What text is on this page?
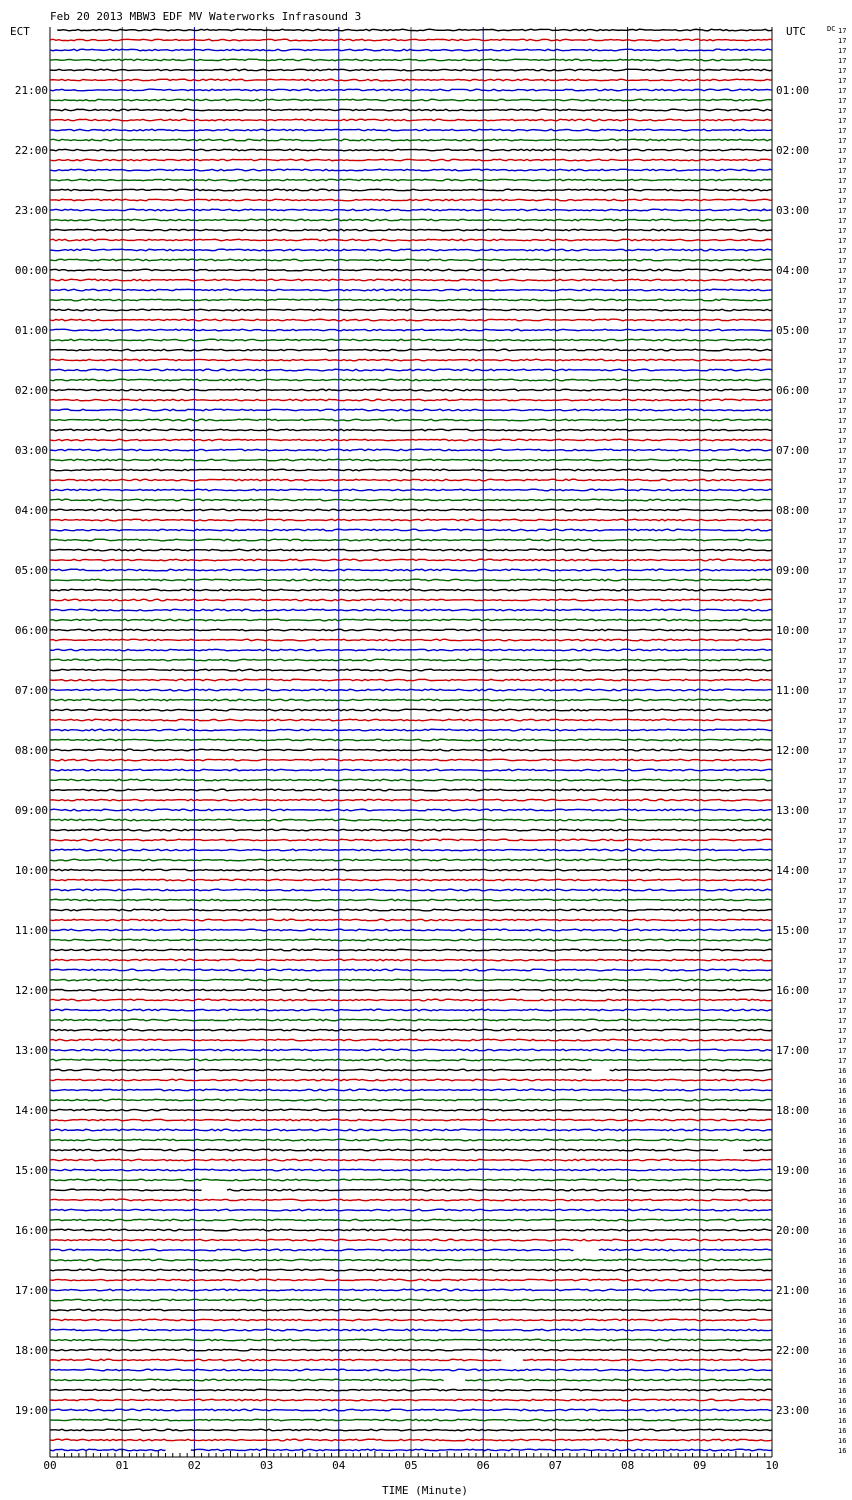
Feb 20 2013 MBW3 EDF MV Waterworks Infrasound 3
ECT	UTC	DC
21:00
22:00
23:00
00:00
01:00
02:00
03:00
04:00
05:00
06:00
07:00
08:00
09:00
10:00
11:00
12:00
13:00
14:00
15:00
16:00
17:00
18:00
19:00
01:00
02:00
03:00
04:00
05:00
06:00
07:00
08:00
09:00
10:00
11:00
12:00
13:00
14:00
15:00
16:00
17:00
18:00
19:00
20:00
21:00
22:00
23:00
17
17
17
17
17
17
17
17
17
17
17
17
17
17
17
17
17
17
17
17
17
17
17
17
17
17
17
17
17
17
17
17
17
17
17
17
17
17
17
17
17
17
17
17
17
17
17
17
17
17
17
17
17
17
17
17
17
17
17
17
17
17
17
17
17
17
17
17
17
17
17
17
17
17
17
17
17
17
17
17
17
17
17
17
17
17
17
17
17
17
17
17
17
17
17
17
17
17
17
17
17
17
17
17
16
16
16
16
16
16
16
16
16
16
16
16
16
16
16
16
16
16
16
16
16
16
16
16
16
16
16
16
16
16
16
16
16
16
16
16
16
16
16
00	01	02	03	04	05	06	07	08	09	10
TIME (Minute)
